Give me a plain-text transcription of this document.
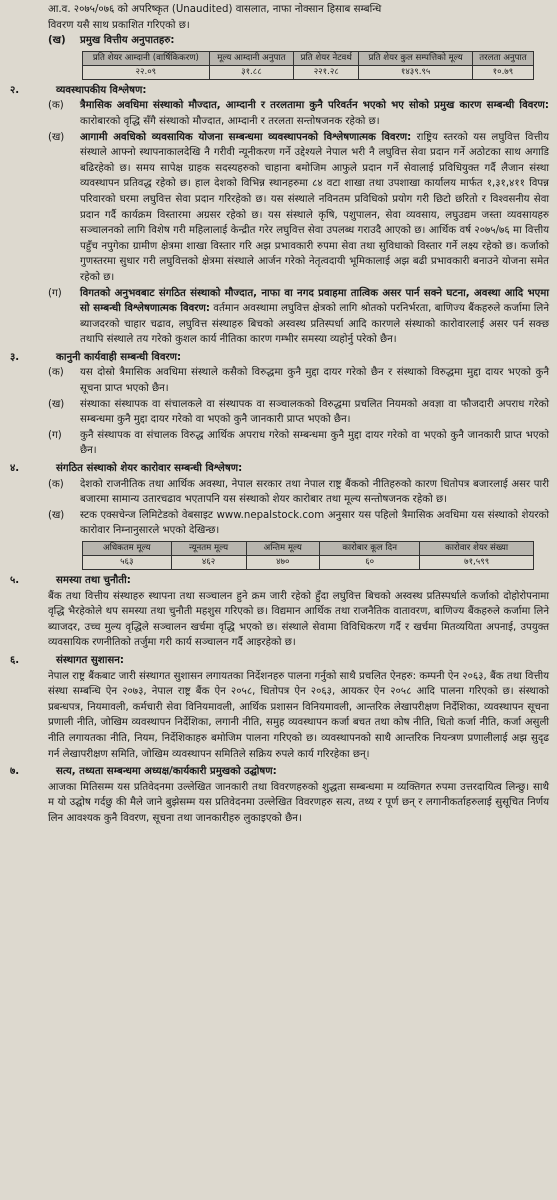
आ.व. २०७५/०७६ को अपरिष्कृत (Unaudited) वासलात, नाफा नोक्सान हिसाब सम्बन्धि
विवरण यसै साथ प्रकाशित गरिएको छ।
(ख)	प्रमुख वित्तीय अनुपातहरु:
प्रति शेयर आम्दानी (वार्षिकिकरण)	मूल्य आम्दानी अनुपात	प्रति शेयर नेटवर्थ	प्रति शेयर कुल सम्पत्तिको मूल्य	तरलता अनुपात
२२.०९	३१.८८	२२१.२८	१४३९.९५	१०.७९
२.	व्यवस्थापकीय विश्लेषण:
(क)	त्रैमासिक अवधिमा संस्थाको मौज्दात, आम्दानी र तरलतामा कुनै परिवर्तन भएको भए सोको प्रमुख कारण सम्बन्धी विवरण: कारोबारको वृद्धि सँगै संस्थाको मौज्दात, आम्दानी र तरलता सन्तोषजनक रहेको छ।
(ख)	आगामी अवधिको व्यवसायिक योजना सम्बन्धमा व्यवस्थापनको विश्लेषणात्मक विवरण: राष्ट्रिय स्तरको यस लघुवित्त वित्तीय संस्थाले आफ्नो स्थापनाकालदेखि नै गरीवी न्यूनीकरण गर्ने उद्देश्यले नेपाल भरी नै लघुवित्त सेवा प्रदान गर्ने अठोटका साथ अगाडि बढिरहेको छ। समय सापेक्ष ग्राहक सदस्यहरुको चाहाना बमोजिम आफुले प्रदान गर्ने सेवालाई प्रविधियुक्त गर्दै लैजान संस्था व्यवस्थापन प्रतिवद्ध रहेको छ। हाल देशको विभिन्न स्थानहरुमा ८४ वटा शाखा तथा उपशाखा कार्यालय मार्फत १,३१,४११ विपन्न परिवारको घरमा लघुवित्त सेवा प्रदान गरिरहेको छ। यस संस्थाले नविनतम प्रविधिको प्रयोग गरी छिटो छरितो र विश्वसनीय सेवा प्रदान गर्दै कार्यक्रम विस्तारमा अग्रसर रहेको छ। यस संस्थाले कृषि, पशुपालन, सेवा व्यवसाय, लघुउद्यम जस्ता व्यवसायहरु सञ्चालनको लागि विशेष गरी महिलालाई केन्द्रीत गरेर लघुवित्त सेवा उपलब्ध गराउदै आएको छ। आर्थिक वर्ष २०७५/७६ मा वित्तीय पहुँच नपुगेका ग्रामीण क्षेत्रमा शाखा विस्तार गरि अझ प्रभावकारी रुपमा सेवा तथा सुविधाको विस्तार गर्ने लक्ष्य रहेको छ। कर्जाको गुणस्तरमा सुधार गरी लघुवित्तको क्षेत्रमा संस्थाले आर्जन गरेको नेतृत्वदायी भूमिकालाई अझ बढी प्रभावकारी बनाउने योजना समेत रहेको छ।
(ग)	विगतको अनुभवबाट संगठित संस्थाको मौज्दात, नाफा वा नगद प्रवाहमा तात्विक असर पार्न सक्ने घटना, अवस्था आदि भएमा सो सम्बन्धी विश्लेषणात्मक विवरण: वर्तमान अवस्थामा लघुवित्त क्षेत्रको लागि श्रोतको परनिर्भरता, बाणिज्य बैंकहरुले कर्जामा लिने ब्याजदरको चाहार चढाव, लघुवित्त संस्थाहरु बिचको अस्वस्थ प्रतिस्पर्धा आदि कारणले संस्थाको कारोवारलाई असर पर्न सक्छ तथापि संस्थाले तय गरेको कुशल कार्य नीतिका कारण गम्भीर समस्या व्यहोर्नु परेको छैन।
३.	कानुनी कार्यवाही सम्बन्धी विवरण:
(क)	यस दोस्रो त्रैमासिक अवधिमा संस्थाले कसैको विरुद्धमा कुनै मुद्दा दायर गरेको छैन र संस्थाको विरुद्धमा मुद्दा दायर भएको कुनै सूचना प्राप्त भएको छैन।
(ख)	संस्थाका संस्थापक वा संचालकले वा संस्थापक वा सञ्चालकको विरुद्धमा प्रचलित नियमको अवज्ञा वा फौजदारी अपराध गरेको सम्बन्धमा कुनै मुद्दा दायर गरेको वा भएको कुनै जानकारी प्राप्त भएको छैन।
(ग)	कुनै संस्थापक वा संचालक विरुद्ध आर्थिक अपराध गरेको सम्बन्धमा कुनै मुद्दा दायर गरेको वा भएको कुनै जानकारी प्राप्त भएको छैन।
४.	संगठित संस्थाको शेयर कारोवार सम्बन्धी विश्लेषण:
(क)	देशको राजनीतिक तथा आर्थिक अवस्था, नेपाल सरकार तथा नेपाल राष्ट्र बैंकको नीतिहरुको कारण धितोपत्र बजारलाई असर पारी बजारमा सामान्य उतारचढाव भएतापनि यस संस्थाको शेयर कारोबार तथा मूल्य सन्तोषजनक रहेको छ।
(ख)	स्टक एक्सचेन्ज लिमिटेडको वेबसाइट www.nepalstock.com अनुसार यस पहिलो त्रैमासिक अवधिमा यस संस्थाको शेयरको कारोवार निम्नानुसारले भएको देखिन्छ।
अधिकतम मूल्य	न्यूनतम मूल्य	अन्तिम मूल्य	कारोबार कूल दिन	कारोवार शेयर संख्या
५६३	४६२	४७०	६०	७१,५९९
५.	समस्या तथा चुनौती:
बैंक तथा वित्तीय संस्थाहरु स्थापना तथा सञ्चालन हुने क्रम जारी रहेको हुँदा लघुवित्त बिचको अस्वस्थ प्रतिस्पर्धाले कर्जाको दोहोरोपनामा वृद्धि भैरहेकोले थप समस्या तथा चुनौती महशुस गरिएको छ। विद्यमान आर्थिक तथा राजनैतिक वातावरण, बाणिज्य बैंकहरुले कर्जामा लिने ब्याजदर, उच्च मुल्य वृद्धिले सञ्चालन खर्चमा वृद्धि भएको छ। संस्थाले सेवामा विविधिकरण गर्दै र खर्चमा मितव्ययिता अपनाई, उपयुक्त व्यवसायिक रणनीतिको तर्जुमा गरी कार्य सञ्चालन गर्दै आइरहेको छ।
६.	संस्थागत सुशासन:
नेपाल राष्ट्र बैंकबाट जारी संस्थागत सुशासन लगायतका निर्देशनहरु पालना गर्नुको साथै प्रचलित ऐनहरु: कम्पनी ऐन २०६३, बैंक तथा वित्तीय संस्था सम्बन्धि ऐन २०७३, नेपाल राष्ट्र बैंक ऐन २०५८, धितोपत्र ऐन २०६३, आयकर ऐन २०५८ आदि पालना गरिएको छ। संस्थाको प्रबन्धपत्र, नियमावली, कर्मचारी सेवा विनियमावली, आर्थिक प्रशासन विनियमावली, आन्तरिक लेखापरीक्षण निर्देशिका, व्यवस्थापन सूचना प्रणाली नीति, जोखिम व्यवस्थापन निर्देशिका, लगानी नीति, समुह व्यवस्थापन कर्जा बचत तथा कोष नीति, धितो कर्जा नीति, कर्जा असुली नीति लगायतका नीति, नियम, निर्देशिकाहरु बमोजिम पालना गरिएको छ। व्यवस्थापनको साथै आन्तरिक नियन्त्रण प्रणालीलाई अझ सुदृढ गर्न लेखापरीक्षण समिति, जोखिम व्यवस्थापन समितिले सक्रिय रुपले कार्य गरिरहेका छन्।
७.	सत्य, तथ्यता सम्बन्धमा अध्यक्ष/कार्यकारी प्रमुखको उद्घोषण:
आजका मितिसम्म यस प्रतिवेदनमा उल्लेखित जानकारी तथा विवरणहरुको शुद्धता सम्बन्धमा म व्यक्तिगत रुपमा उत्तरदायित्व लिन्छु। साथै म यो उद्घोष गर्दछु की मैले जाने बुझेसम्म यस प्रतिवेदनमा उल्लेखित विवरणहरु सत्य, तथ्य र पूर्ण छन् र लगानीकर्ताहरुलाई सुसूचित निर्णय लिन आवश्यक कुनै विवरण, सूचना तथा जानकारीहरु लुकाइएको छैन।
